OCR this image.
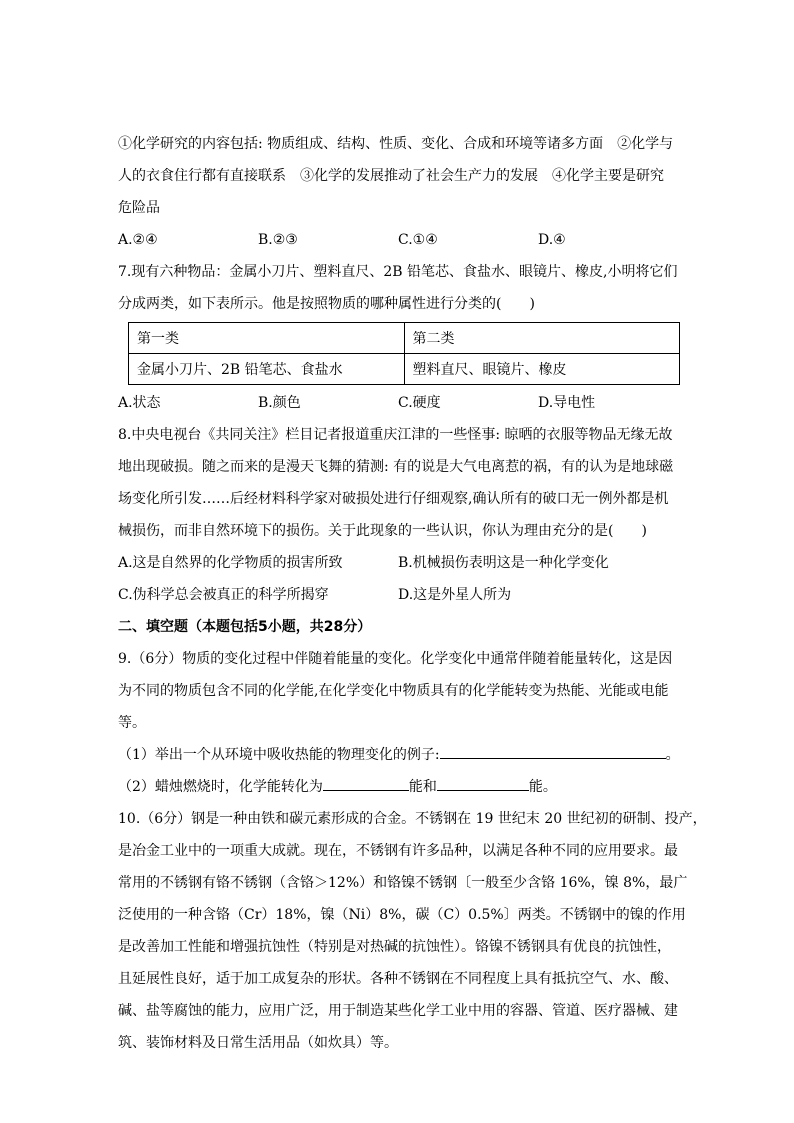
①化学研究的内容包括: 物质组成、结构、性质、变化、合成和环境等诸多方面　②化学与

人的衣食住行都有直接联系　③化学的发展推动了社会生产力的发展　④化学主要是研究

危险品

A.②④	B.②③	C.①④	D.④

7.现有六种物品：金属小刀片、塑料直尺、2B 铅笔芯、食盐水、眼镜片、橡皮,小明将它们

分成两类，如下表所示。他是按照物质的哪种属性进行分类的(　　)

第一类	第二类
金属小刀片、2B 铅笔芯、食盐水	塑料直尺、眼镜片、橡皮
A.状态	B.颜色	C.硬度	D.导电性

8.中央电视台《共同关注》栏目记者报道重庆江津的一些怪事: 晾晒的衣服等物品无缘无故

地出现破损。随之而来的是漫天飞舞的猜测: 有的说是大气电离惹的祸，有的认为是地球磁

场变化所引发……后经材料科学家对破损处进行仔细观察,确认所有的破口无一例外都是机

械损伤，而非自然环境下的损伤。关于此现象的一些认识，你认为理由充分的是(　　)

A.这是自然界的化学物质的损害所致	B.机械损伤表明这是一种化学变化
C.伪科学总会被真正的科学所揭穿	D.这是外星人所为
二、填空题（本题包括5小题，共28分）

9.（6分）物质的变化过程中伴随着能量的变化。化学变化中通常伴随着能量转化，这是因

为不同的物质包含不同的化学能,在化学变化中物质具有的化学能转变为热能、光能或电能

等。

（1）举出一个从环境中吸收热能的物理变化的例子:	。

（2）蜡烛燃烧时，化学能转化为	能和	能。

10.（6分）钢是一种由铁和碳元素形成的合金。不锈钢在 19 世纪末 20 世纪初的研制、投产，

是冶金工业中的一项重大成就。现在，不锈钢有许多品种，以满足各种不同的应用要求。最

常用的不锈钢有铬不锈钢（含铬＞12%）和铬镍不锈钢〔一般至少含铬 16%，镍 8%，最广

泛使用的一种含铬（Cr）18%，镍（Ni）8%，碳（C）0.5%〕两类。不锈钢中的镍的作用

是改善加工性能和增强抗蚀性（特别是对热碱的抗蚀性）。铬镍不锈钢具有优良的抗蚀性，

且延展性良好，适于加工成复杂的形状。各种不锈钢在不同程度上具有抵抗空气、水、酸、

碱、盐等腐蚀的能力，应用广泛，用于制造某些化学工业中用的容器、管道、医疗器械、建

筑、装饰材料及日常生活用品（如炊具）等。
